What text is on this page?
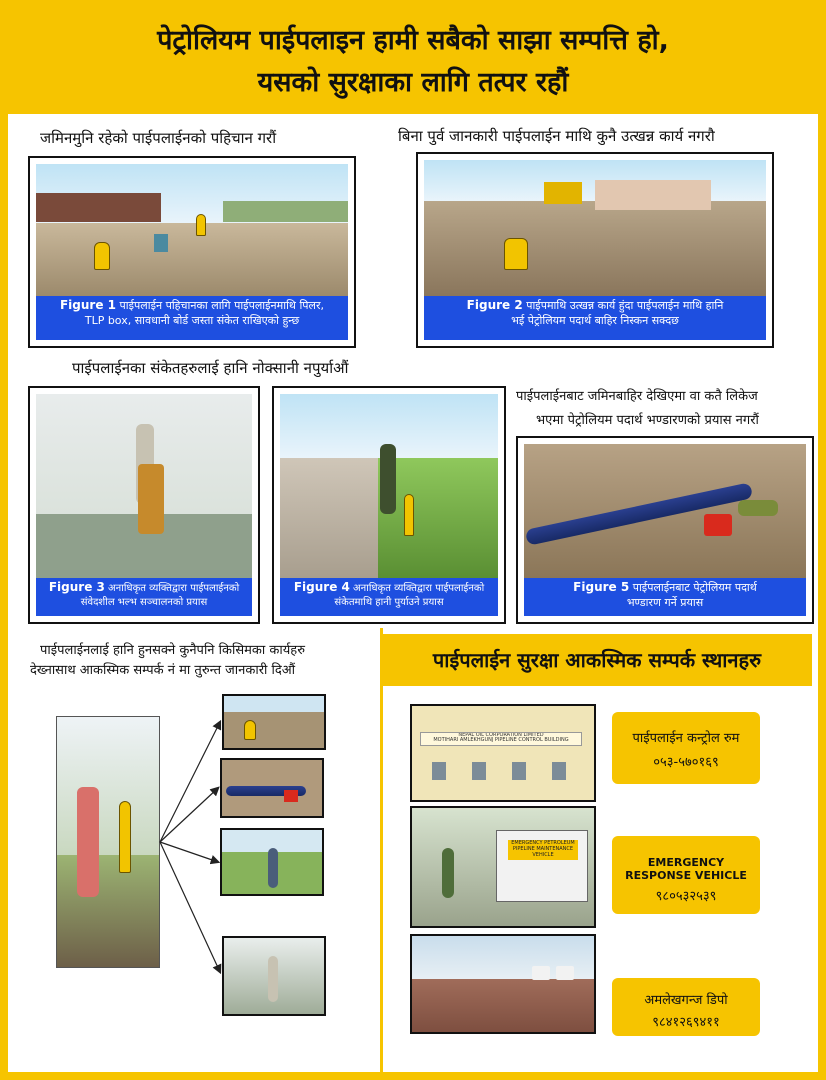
पेट्रोलियम पाईपलाइन हामी सबैको साझा सम्पत्ति हो,
यसको सुरक्षाका लागि तत्पर रहौं
जमिनमुनि रहेको पाईपलाईनको पहिचान गरौं	बिना पुर्व जानकारी पाईपलाईन माथि कुनै उत्खन्न कार्य नगरौ
Figure 1 पाईपलाईन पहिचानका लागि पाईपलाईनमाथि पिलर,
TLP box, सावधानी बोर्ड जस्ता संकेत राखिएको हुन्छ
Figure 2 पाईपमाथि उत्खन्न कार्य हुंदा पाईपलाईन माथि हानि
भई पेट्रोलियम पदार्थ बाहिर निस्कन सक्दछ
पाईपलाईनका संकेतहरुलाई हानि नोक्सानी नपुर्याऔं
पाईपलाईनबाट जमिनबाहिर देखिएमा वा कतै लिकेज
भएमा पेट्रोलियम पदार्थ भण्डारणको प्रयास नगरौं
Figure 3 अनाधिकृत व्यक्तिद्वारा पाईपलाईनको
संवेदशील भल्भ सञ्चालनको प्रयास
Figure 4 अनाधिकृत व्यक्तिद्वारा पाईपलाईनको
संकेतमाथि हानी पुर्याउने प्रयास
Figure 5 पाईपलाईनबाट पेट्रोलियम पदार्थ
भण्डारण गर्ने प्रयास
पाईपलाईनलाई हानि हुनसक्ने कुनैपनि किसिमका कार्यहरु
देख्नासाथ आकस्मिक सम्पर्क नं मा तुरुन्त जानकारी दिऔं	पाईपलाईन सुरक्षा आकस्मिक सम्पर्क स्थानहरु
NEPAL OIL CORPORATION LIMITED
MOTIHARI AMLEKHGUNJ PIPELINE CONTROL BUILDING
EMERGENCY PETROLEUM PIPELINE MAINTENANCE VEHICLE
पाईपलाईन कन्ट्रोल रुम
०५३-५७०१६९
EMERGENCY RESPONSE VEHICLE
९८०५३२५३९
अमलेखगन्ज डिपो
९८४१२६९४११
